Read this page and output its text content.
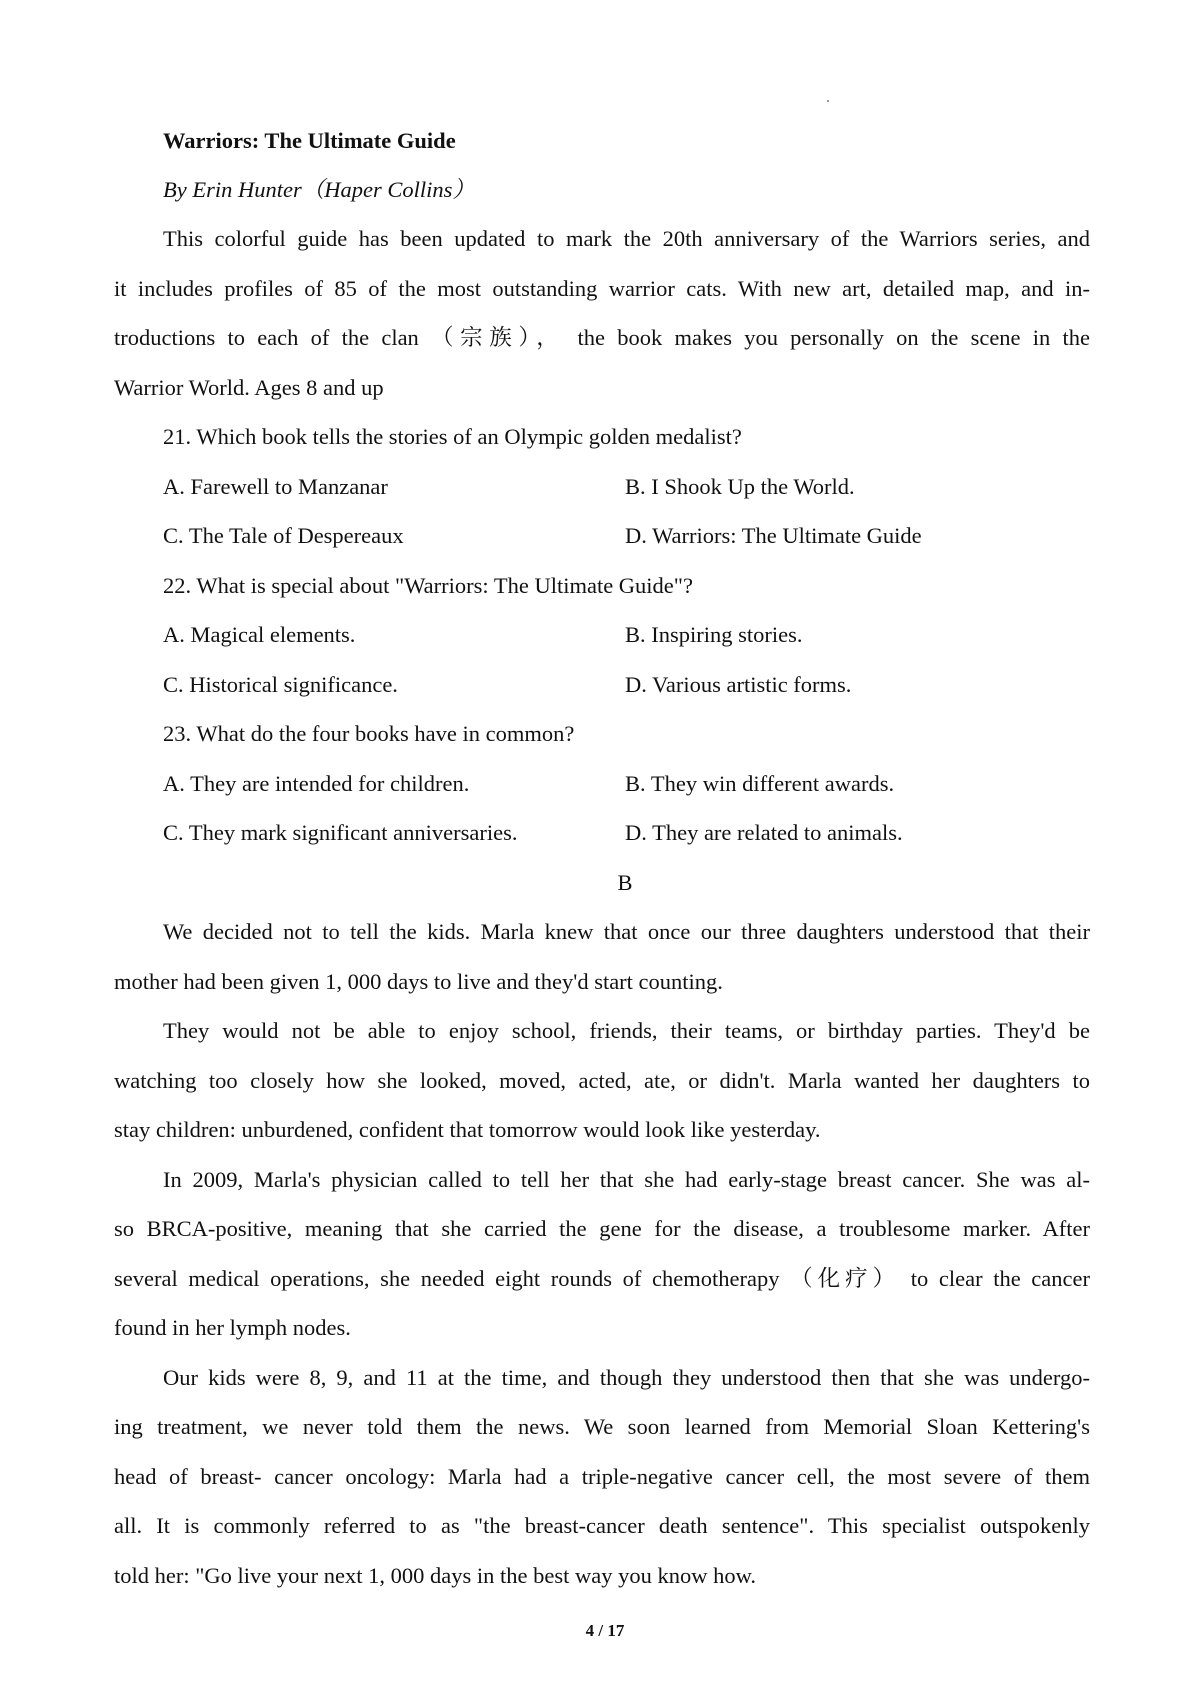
Warriors: The Ultimate Guide
By Erin Hunter（Haper Collins）
This colorful guide has been updated to mark the 20th anniversary of the Warriors series, and
it includes profiles of 85 of the most outstanding warrior cats. With new art, detailed map, and in-
troductions to each of the clan （宗族）， the book makes you personally on the scene in the
Warrior World. Ages 8 and up
21. Which book tells the stories of an Olympic golden medalist?
A. Farewell to Manzanar	B. I Shook Up the World.
C. The Tale of Despereaux	D. Warriors: The Ultimate Guide
22. What is special about "Warriors: The Ultimate Guide"?
A. Magical elements.	B. Inspiring stories.
C. Historical significance.	D. Various artistic forms.
23. What do the four books have in common?
A. They are intended for children.	B. They win different awards.
C. They mark significant anniversaries.	D. They are related to animals.
B
We decided not to tell the kids. Marla knew that once our three daughters understood that their
mother had been given 1, 000 days to live and they'd start counting.
They would not be able to enjoy school, friends, their teams, or birthday parties. They'd be
watching too closely how she looked, moved, acted, ate, or didn't. Marla wanted her daughters to
stay children: unburdened, confident that tomorrow would look like yesterday.
In 2009, Marla's physician called to tell her that she had early-stage breast cancer. She was al-
so BRCA-positive, meaning that she carried the gene for the disease, a troublesome marker. After
several medical operations, she needed eight rounds of chemotherapy （化疗） to clear the cancer
found in her lymph nodes.
Our kids were 8, 9, and 11 at the time, and though they understood then that she was undergo-
ing treatment, we never told them the news. We soon learned from Memorial Sloan Kettering's
head of breast- cancer oncology: Marla had a triple-negative cancer cell, the most severe of them
all. It is commonly referred to as "the breast-cancer death sentence". This specialist outspokenly
told her: "Go live your next 1, 000 days in the best way you know how.
4 / 17
